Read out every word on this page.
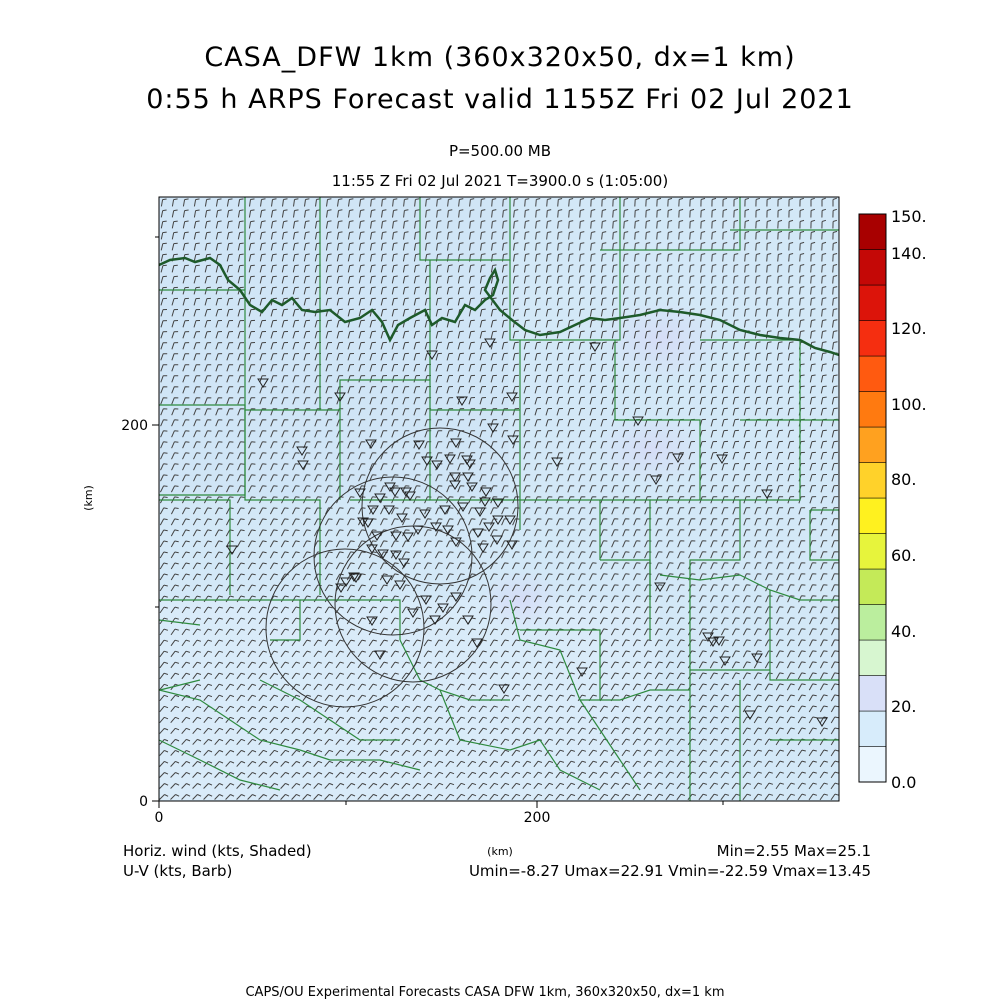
CASA_DFW 1km (360x320x50, dx=1 km)
0:55 h ARPS Forecast valid 1155Z Fri 02 Jul 2021
P=500.00 MB
11:55 Z Fri 02 Jul 2021 T=3900.0 s (1:05:00)
0	200
0
200
(km)
(km)
150.
140.
120.
100.
80.
60.
40.
20.
0.0
Horiz. wind (kts, Shaded)
U-V (kts, Barb)
Min=2.55 Max=25.1
Umin=-8.27 Umax=22.91 Vmin=-22.59 Vmax=13.45
CAPS/OU Experimental Forecasts CASA DFW 1km, 360x320x50, dx=1 km
